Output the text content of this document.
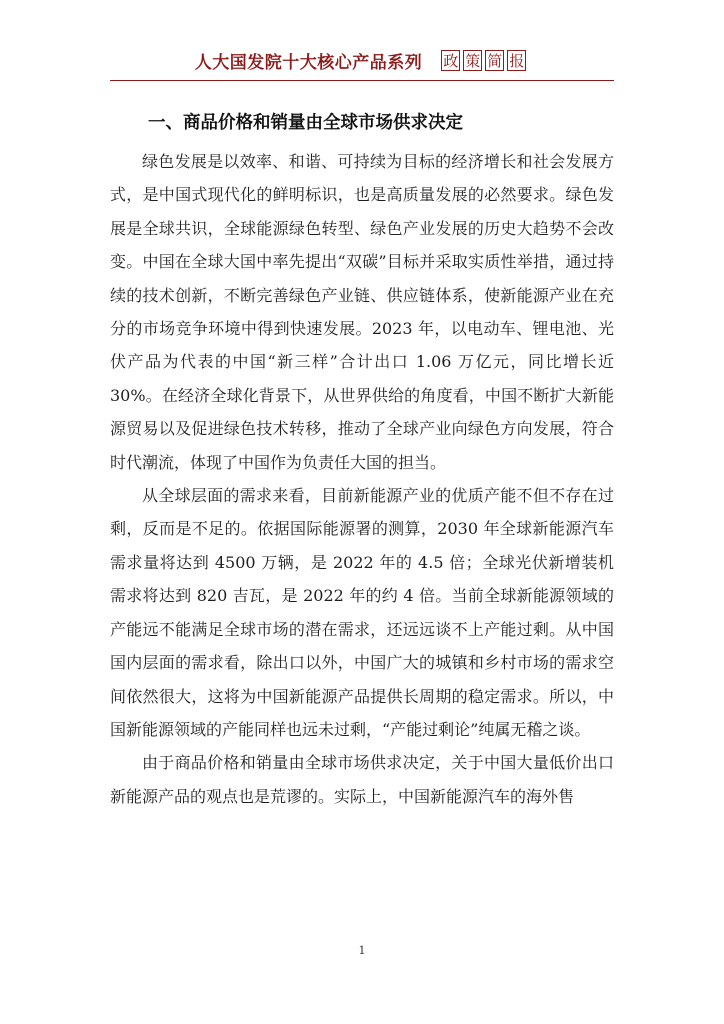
人大国发院十大核心产品系列 政 策 简 报
一、商品价格和销量由全球市场供求决定

绿色发展是以效率、和谐、可持续为目标的经济增长和社会发展方式，是中国式现代化的鲜明标识，也是高质量发展的必然要求。绿色发展是全球共识，全球能源绿色转型、绿色产业发展的历史大趋势不会改变。中国在全球大国中率先提出“双碳”目标并采取实质性举措，通过持续的技术创新，不断完善绿色产业链、供应链体系，使新能源产业在充分的市场竞争环境中得到快速发展。2023 年，以电动车、锂电池、光伏产品为代表的中国“新三样”合计出口 1.06 万亿元，同比增长近 30%。在经济全球化背景下，从世界供给的角度看，中国不断扩大新能源贸易以及促进绿色技术转移，推动了全球产业向绿色方向发展，符合时代潮流，体现了中国作为负责任大国的担当。

从全球层面的需求来看，目前新能源产业的优质产能不但不存在过剩，反而是不足的。依据国际能源署的测算，2030 年全球新能源汽车需求量将达到 4500 万辆，是 2022 年的 4.5 倍；全球光伏新增装机需求将达到 820 吉瓦，是 2022 年的约 4 倍。当前全球新能源领域的产能远不能满足全球市场的潜在需求，还远远谈不上产能过剩。从中国国内层面的需求看，除出口以外，中国广大的城镇和乡村市场的需求空间依然很大，这将为中国新能源产品提供长周期的稳定需求。所以，中国新能源领域的产能同样也远未过剩，“产能过剩论”纯属无稽之谈。

由于商品价格和销量由全球市场供求决定，关于中国大量低价出口新能源产品的观点也是荒谬的。实际上，中国新能源汽车的海外售

1
